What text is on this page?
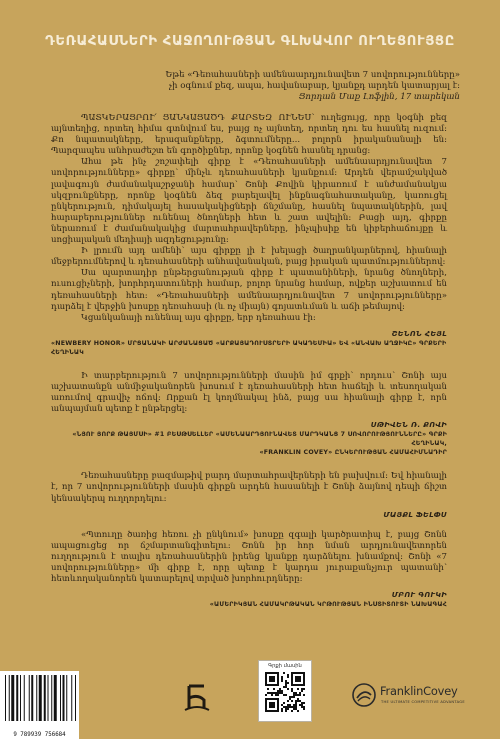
ԴԵՌԱՀԱՍՆԵՐԻ ՀԱՋՈՂՈՒԹՅԱՆ ԳԼԽԱՎՈՐ ՈՒՂԵՑՈՒՅՑԸ
Եթե «Դեռահասների ամենաարդյունավետ 7 սովորությունները»
չի օգնում քեզ, ապա, հավանաբար, կյանքդ արդեն կատարյալ է:
Ցորդան Մաք Լոֆլին, 17 տարեկան

ՊԱՏԿԵՐԱՑՐՈՒ՛ ՑԱՆԿԱՑԱԾԴ ՔԱՐՏԵԶ ՈՒՆԵՍ՝ ուղեցույց, որը կօգնի քեզ այնտեղից, որտեղ հիմա գտնվում ես, բայց ոչ այնտեղ, որտեղ դու ես հասնել ուզում: Քո նպատակները, երազանքները, ձգտումները... բոլորն իրականանալի են: Պարզապես անհրաժեշտ են գործիքներ, որոնք կօգնեն հասնել դրանց:

Ահա թե ինչ շոշափելի գիրք է «Դեռահասների ամենաարդյունավետ 7 սովորությունները» գիրքը՝ մինչև դեռահասների կյանքում: Արդեն վերամշակված լավագույն ժամանակաշրջանի համար՝ Շոնի Քովին կիրառում է անժամանակյա սկզբունքները, որոնք կօգնեն ձեզ բարելավել ինքնագնահատականը, կառուցել ընկերություն, դիմակայել հասակակիցների ճնշմանը, հասնել նպատակներին, լավ հարաբերություններ ունենալ ծնողների հետ և շատ ավելին: Բացի այդ, գիրքը ներառում է ժամանակակից մարտահրավերները, ինչպիսիք են կիբերհաճույքը և սոցիալական մեդիայի ազդեցությունը:

Ի լրումն այդ ամենի՝ այս գիրքը լի է խելացի ծաղրանկարներով, հիանալի մեջբերումներով և դեռահասների անհավանական, բայց իրական պատմություններով:

Սա պարտադիր ընթերցանության գիրք է պատանիների, նրանց ծնողների, ուսուցիչների, խորհրդատուների համար, բոլոր նրանց համար, ովքեր աշխատում են դեռահասների հետ: «Դեռահասների ամենաարդյունավետ 7 սովորությունները» դարձել է վերջին խոսքը դեռահասի (և ոչ միայն) գոյատևման և աճի թեմայով:

Կցանկանայի ունենալ այս գիրքը, երբ դեռահաս էի:

ՇԵՆՈՆ ՀԵՅԼ
«NEWBERY HONOR» ՄՐՑԱՆԱԿԻ ԱՐԺԱՆԱՑԱԾ «ԱՐՔԱՅԱԴՈՒՍՏՐԵՐԻ ԱԿԱԴԵՄԻԱ» ԵՎ «ԱՆՎԱԽ ԱՂՋԻԿԸ» ԳՐՔԵՐԻ ՀԵՂԻՆԱԿ

Ի տարբերություն 7 սովորությունների մասին իմ գրքի՝ որդուս՝ Շոնի այս աշխատանքն անմիջականորեն խոսում է դեռահասների հետ հաճելի և տեսողական առումով գրավիչ ոճով: Որքան էլ կողմնակալ ինձ, բայց սա հիանալի գիրք է, որն անպայման պետք է ընթերցել:

ՍԹԻՎԵՆ Ռ. ՔՈՎԻ
«ՆՅՈՒ ՅՈՐՔ ԹԱՅՄՍԻ» #1 ԲԵՍԹՍԵԼԼԵՐ «ԱՄԵՆԱԱՐԴՅՈՒՆԱՎԵՏ ՄԱՐԴԿԱՆՑ 7 ՍՈՎՈՐՈՒԹՅՈՒՆՆԵՐԸ» ԳՐՔԻ ՀԵՂԻՆԱԿ,
«FRANKLIN COVEY» ԸՆԿԵՐՈՒԹՅԱՆ ՀԱՄԱՀԻՄՆԱԴԻՐ

Դեռահասները բազմաթիվ բարդ մարտահրավերների են բախվում: Եվ հիանալի է, որ 7 սովորությունների մասին գիրքն արդեն հասանելի է Շոնի ձայնով դեպի ճիշտ կենսակերպ ուղղորդելու:

ՄԱՅՔԼ ՖԵԼՓՍ

«Պտուղը ծառից հեռու չի ընկնում» խոսքը զգալի կարծրատիպ է, բայց Շոնն ապացուցեց որ ճշմարտանգիտելու: Շոնն իր հոր նման արդյունավետորեն ուղղություն է տալիս դեռահասներին իրենց կյանքը դարձնելու խնամքով: Շոնի «7 սովորությունները» մի գիրք է, որը պետք է կարդա յուրաքանչյուր պատանի՝ հետևողականորեն կատարելով տրված խորհուրդները:

ՄԲՈՒ ԳՈՒԿԻ
«ԱՄԵՐԻԿՅԱՆ ՀԱՄԱԿՐԹԱԿԱՆ ԿՐԹՈՒԹՅԱՆ ԻՆՍՏԻՏՈՒՏԻ ՆԱԽԱԳԱՀ
9 789939 756684
Գրքի մասին
FranklinCovey
THE ULTIMATE COMPETITIVE ADVANTAGE
